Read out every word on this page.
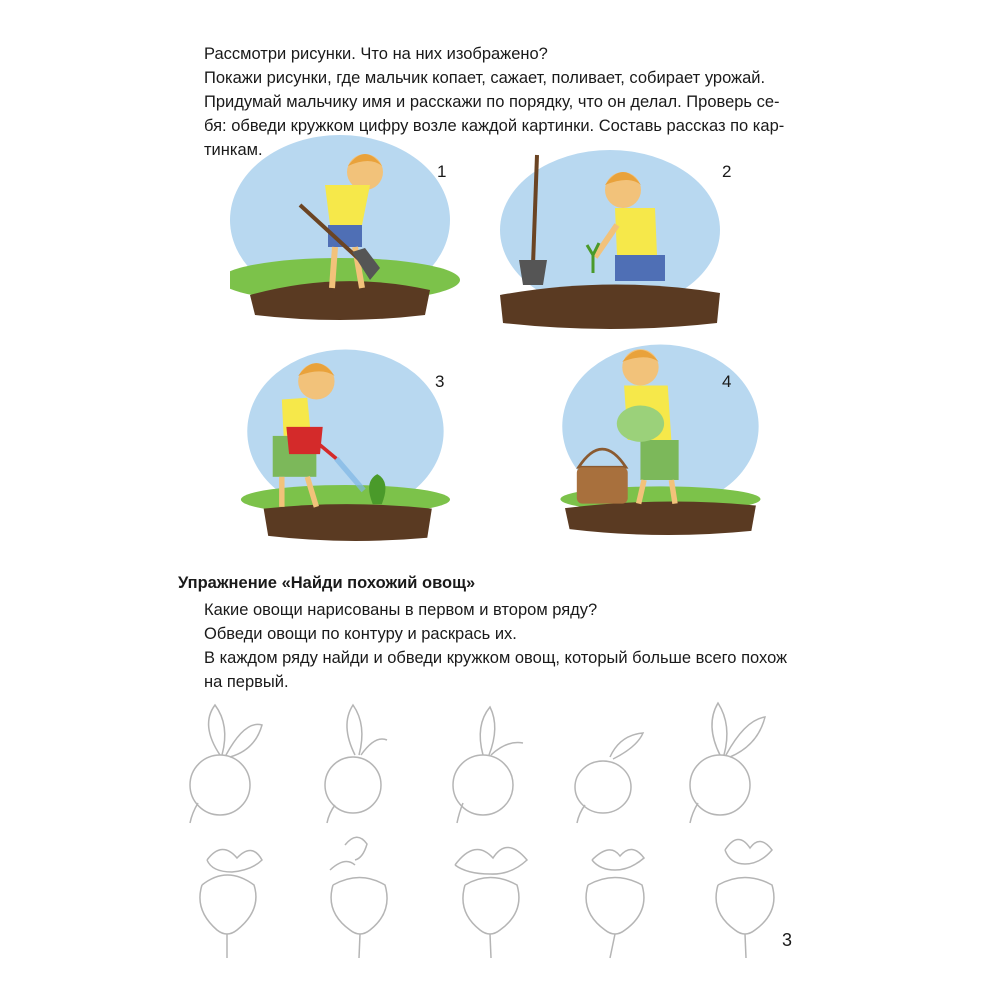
Рассмотри рисунки. Что на них изображено?
Покажи рисунки, где мальчик копает, сажает, поливает, собирает урожай.
Придумай мальчику имя и расскажи по порядку, что он делал. Проверь се-
бя: обведи кружком цифру возле каждой картинки. Составь рассказ по кар-
тинкам.
1	2
3	4
Упражнение «Найди похожий овощ»
Какие овощи нарисованы в первом и втором ряду?
Обведи овощи по контуру и раскрась их.
В каждом ряду найди и обведи кружком овощ, который больше всего похож
на первый.
3
